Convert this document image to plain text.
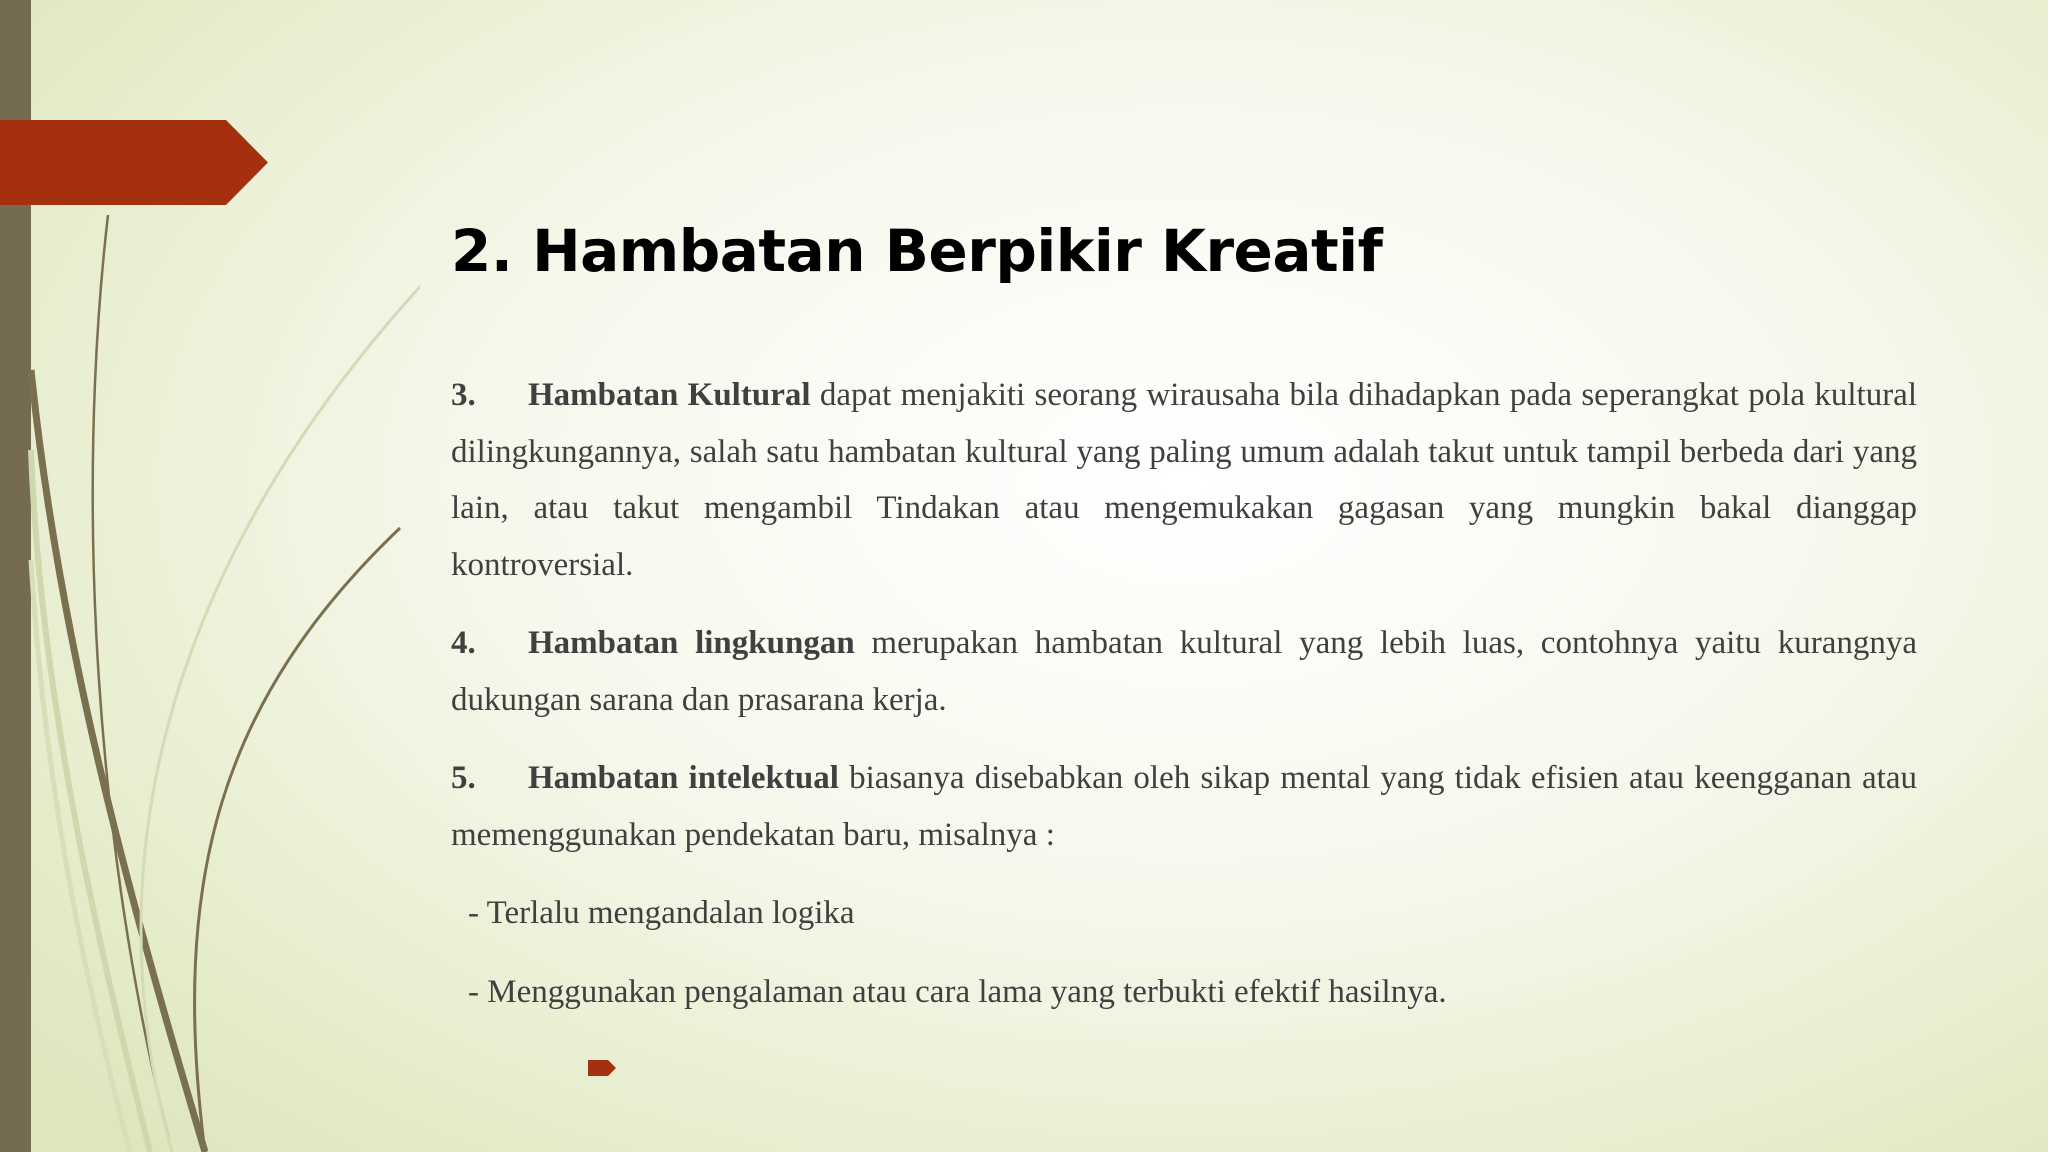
2. Hambatan Berpikir Kreatif

3. Hambatan Kultural dapat menjakiti seorang wirausaha bila dihadapkan pada seperangkat pola kultural dilingkungannya, salah satu hambatan kultural yang paling umum adalah takut untuk tampil berbeda dari yang lain, atau takut mengambil Tindakan atau mengemukakan gagasan yang mungkin bakal dianggap kontroversial.

4. Hambatan lingkungan merupakan hambatan kultural yang lebih luas, contohnya yaitu kurangnya dukungan sarana dan prasarana kerja.

5. Hambatan intelektual biasanya disebabkan oleh sikap mental yang tidak efisien atau keengganan atau memenggunakan pendekatan baru, misalnya :

- Terlalu mengandalan logika

- Menggunakan pengalaman atau cara lama yang terbukti efektif hasilnya.
